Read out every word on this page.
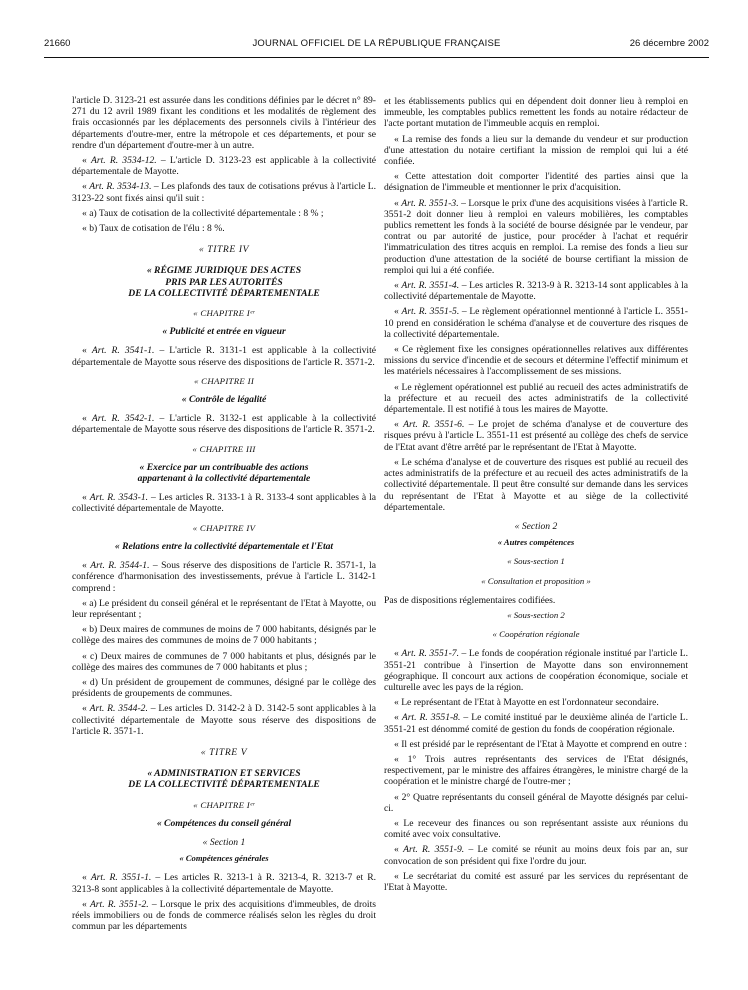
21660	JOURNAL OFFICIEL DE LA RÉPUBLIQUE FRANÇAISE	26 décembre 2002

l'article D. 3123-21 est assurée dans les conditions définies par le décret n° 89-271 du 12 avril 1989 fixant les conditions et les modalités de règlement des frais occasionnés par les déplacements des personnels civils à l'intérieur des départements d'outre-mer, entre la métropole et ces départements, et pour se rendre d'un département d'outre-mer à un autre.

« Art. R. 3534-12. – L'article D. 3123-23 est applicable à la collectivité départementale de Mayotte.

« Art. R. 3534-13. – Les plafonds des taux de cotisations prévus à l'article L. 3123-22 sont fixés ainsi qu'il suit :

« a) Taux de cotisation de la collectivité départementale : 8 % ;

« b) Taux de cotisation de l'élu : 8 %.

« TITRE IV
« RÉGIME JURIDIQUE DES ACTES
PRIS PAR LES AUTORITÉS
DE LA COLLECTIVITÉ DÉPARTEMENTALE
« CHAPITRE Iᵉʳ
« Publicité et entrée en vigueur

« Art. R. 3541-1. – L'article R. 3131-1 est applicable à la collectivité départementale de Mayotte sous réserve des dispositions de l'article R. 3571-2.

« CHAPITRE II
« Contrôle de légalité

« Art. R. 3542-1. – L'article R. 3132-1 est applicable à la collectivité départementale de Mayotte sous réserve des dispositions de l'article R. 3571-2.

« CHAPITRE III
« Exercice par un contribuable des actions
appartenant à la collectivité départementale

« Art. R. 3543-1. – Les articles R. 3133-1 à R. 3133-4 sont applicables à la collectivité départementale de Mayotte.

« CHAPITRE IV
« Relations entre la collectivité départementale et l'Etat

« Art. R. 3544-1. – Sous réserve des dispositions de l'article R. 3571-1, la conférence d'harmonisation des investissements, prévue à l'article L. 3142-1 comprend :

« a) Le président du conseil général et le représentant de l'Etat à Mayotte, ou leur représentant ;

« b) Deux maires de communes de moins de 7 000 habitants, désignés par le collège des maires des communes de moins de 7 000 habitants ;

« c) Deux maires de communes de 7 000 habitants et plus, désignés par le collège des maires des communes de 7 000 habitants et plus ;

« d) Un président de groupement de communes, désigné par le collège des présidents de groupements de communes.

« Art. R. 3544-2. – Les articles D. 3142-2 à D. 3142-5 sont applicables à la collectivité départementale de Mayotte sous réserve des dispositions de l'article R. 3571-1.

« TITRE V
« ADMINISTRATION ET SERVICES
DE LA COLLECTIVITÉ DÉPARTEMENTALE
« CHAPITRE Iᵉʳ
« Compétences du conseil général
« Section 1
« Compétences générales

« Art. R. 3551-1. – Les articles R. 3213-1 à R. 3213-4, R. 3213-7 et R. 3213-8 sont applicables à la collectivité départementale de Mayotte.

« Art. R. 3551-2. – Lorsque le prix des acquisitions d'immeubles, de droits réels immobiliers ou de fonds de commerce réalisés selon les règles du droit commun par les départements

et les établissements publics qui en dépendent doit donner lieu à remploi en immeuble, les comptables publics remettent les fonds au notaire rédacteur de l'acte portant mutation de l'immeuble acquis en remploi.

« La remise des fonds a lieu sur la demande du vendeur et sur production d'une attestation du notaire certifiant la mission de remploi qui lui a été confiée.

« Cette attestation doit comporter l'identité des parties ainsi que la désignation de l'immeuble et mentionner le prix d'acquisition.

« Art. R. 3551-3. – Lorsque le prix d'une des acquisitions visées à l'article R. 3551-2 doit donner lieu à remploi en valeurs mobilières, les comptables publics remettent les fonds à la société de bourse désignée par le vendeur, par contrat ou par autorité de justice, pour procéder à l'achat et requérir l'immatriculation des titres acquis en remploi. La remise des fonds a lieu sur production d'une attestation de la société de bourse certifiant la mission de remploi qui lui a été confiée.

« Art. R. 3551-4. – Les articles R. 3213-9 à R. 3213-14 sont applicables à la collectivité départementale de Mayotte.

« Art. R. 3551-5. – Le règlement opérationnel mentionné à l'article L. 3551-10 prend en considération le schéma d'analyse et de couverture des risques de la collectivité départementale.

« Ce règlement fixe les consignes opérationnelles relatives aux différentes missions du service d'incendie et de secours et détermine l'effectif minimum et les matériels nécessaires à l'accomplissement de ses missions.

« Le règlement opérationnel est publié au recueil des actes administratifs de la préfecture et au recueil des actes administratifs de la collectivité départementale. Il est notifié à tous les maires de Mayotte.

« Art. R. 3551-6. – Le projet de schéma d'analyse et de couverture des risques prévu à l'article L. 3551-11 est présenté au collège des chefs de service de l'Etat avant d'être arrêté par le représentant de l'Etat à Mayotte.

« Le schéma d'analyse et de couverture des risques est publié au recueil des actes administratifs de la préfecture et au recueil des actes administratifs de la collectivité départementale. Il peut être consulté sur demande dans les services du représentant de l'Etat à Mayotte et au siège de la collectivité départementale.

« Section 2
« Autres compétences
« Sous-section 1
« Consultation et proposition »

Pas de dispositions réglementaires codifiées.

« Sous-section 2
« Coopération régionale

« Art. R. 3551-7. – Le fonds de coopération régionale institué par l'article L. 3551-21 contribue à l'insertion de Mayotte dans son environnement géographique. Il concourt aux actions de coopération économique, sociale et culturelle avec les pays de la région.

« Le représentant de l'Etat à Mayotte en est l'ordonnateur secondaire.

« Art. R. 3551-8. – Le comité institué par le deuxième alinéa de l'article L. 3551-21 est dénommé comité de gestion du fonds de coopération régionale.

« Il est présidé par le représentant de l'Etat à Mayotte et comprend en outre :

« 1° Trois autres représentants des services de l'Etat désignés, respectivement, par le ministre des affaires étrangères, le ministre chargé de la coopération et le ministre chargé de l'outre-mer ;

« 2° Quatre représentants du conseil général de Mayotte désignés par celui-ci.

« Le receveur des finances ou son représentant assiste aux réunions du comité avec voix consultative.

« Art. R. 3551-9. – Le comité se réunit au moins deux fois par an, sur convocation de son président qui fixe l'ordre du jour.

« Le secrétariat du comité est assuré par les services du représentant de l'Etat à Mayotte.
